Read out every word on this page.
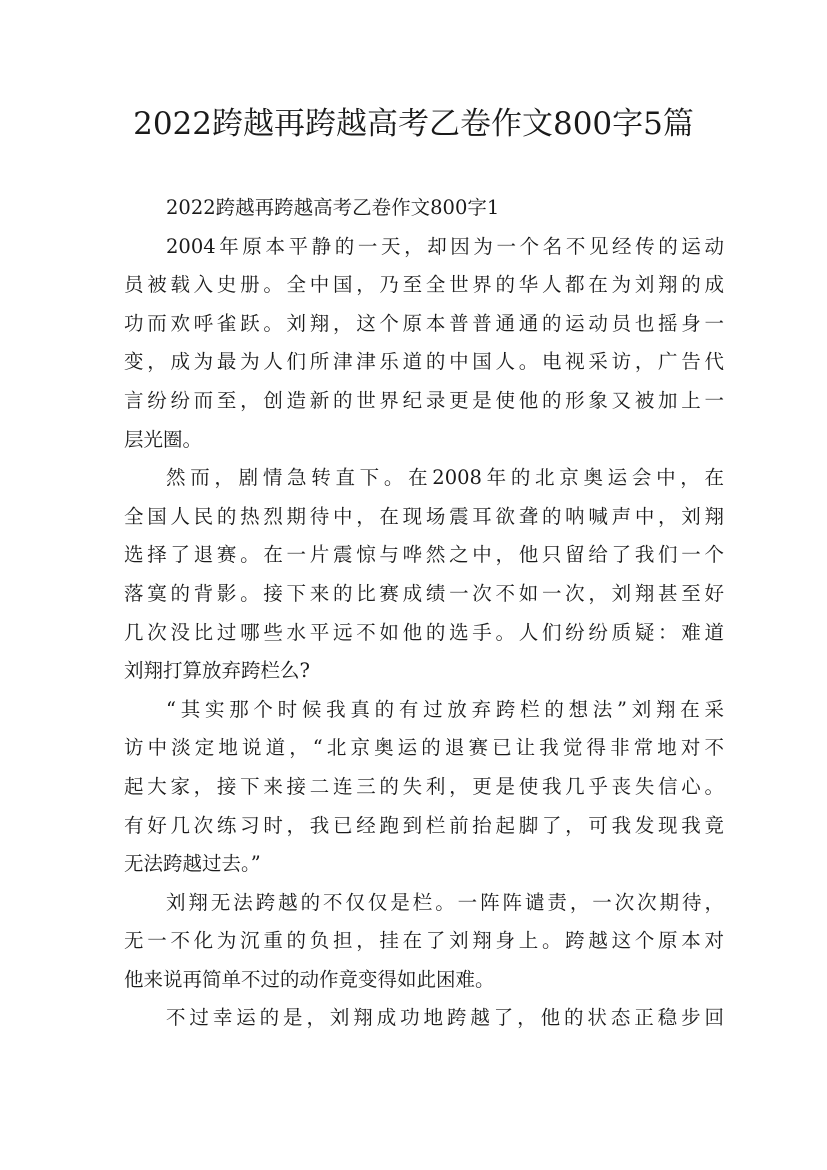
2022跨越再跨越高考乙卷作文800字5篇
2022跨越再跨越高考乙卷作文800字1
2004年原本平静的一天，却因为一个名不见经传的运动
员被载入史册。全中国，乃至全世界的华人都在为刘翔的成
功而欢呼雀跃。刘翔，这个原本普普通通的运动员也摇身一
变，成为最为人们所津津乐道的中国人。电视采访，广告代
言纷纷而至，创造新的世界纪录更是使他的形象又被加上一
层光圈。
然而，剧情急转直下。在2008年的北京奥运会中，在
全国人民的热烈期待中，在现场震耳欲聋的呐喊声中，刘翔
选择了退赛。在一片震惊与哗然之中，他只留给了我们一个
落寞的背影。接下来的比赛成绩一次不如一次，刘翔甚至好
几次没比过哪些水平远不如他的选手。人们纷纷质疑：难道
刘翔打算放弃跨栏么?
“其实那个时候我真的有过放弃跨栏的想法”刘翔在采
访中淡定地说道，“北京奥运的退赛已让我觉得非常地对不
起大家，接下来接二连三的失利，更是使我几乎丧失信心。
有好几次练习时，我已经跑到栏前抬起脚了，可我发现我竟
无法跨越过去。”
刘翔无法跨越的不仅仅是栏。一阵阵谴责，一次次期待，
无一不化为沉重的负担，挂在了刘翔身上。跨越这个原本对
他来说再简单不过的动作竟变得如此困难。
不过幸运的是，刘翔成功地跨越了，他的状态正稳步回
